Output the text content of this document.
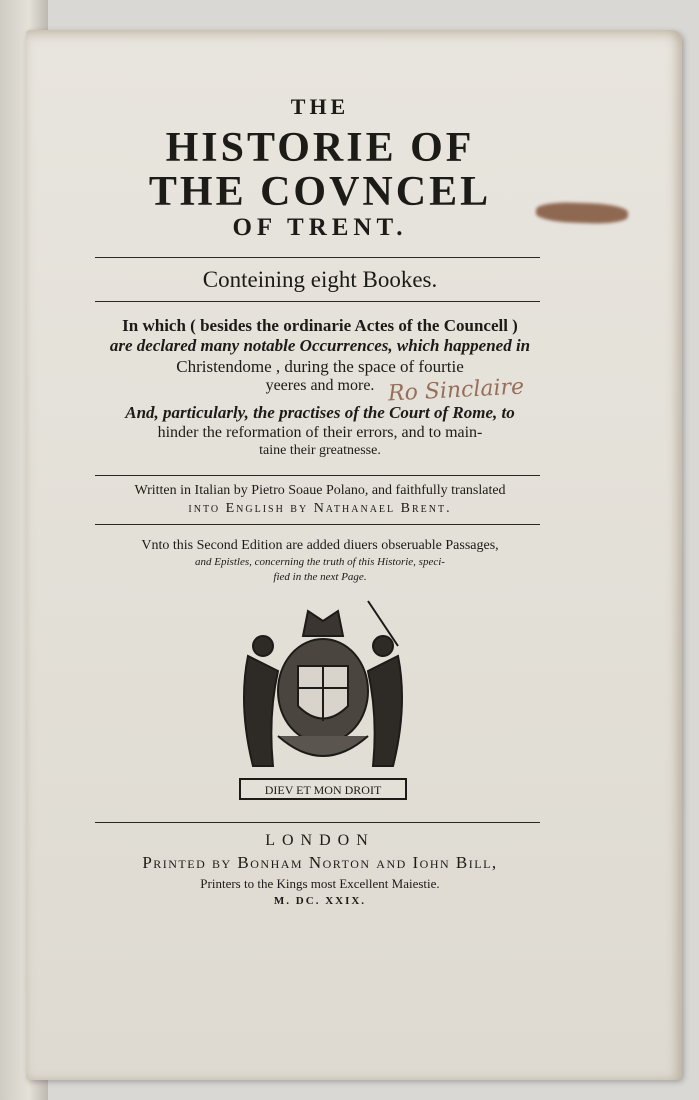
THE
HISTORIE OF
THE COVNCEL
OF TRENT.
Conteining eight Bookes.
In which ( besides the ordinarie Actes of the Councell )
are declared many notable Occurrences, which happened in
Christendome , during the space of fourtie
yeeres and more.
And, particularly, the practises of the Court of Rome, to
hinder the reformation of their errors, and to main-
taine their greatnesse.
Ro Sinclaire
Written in Italian by Pietro Soaue Polano, and faithfully translated
into English by Nathanael Brent.
Vnto this Second Edition are added diuers obseruable Passages,
and Epistles, concerning the truth of this Historie, speci-
fied in the next Page.
DIEV ET MON DROIT
LONDON
Printed by Bonham Norton and Iohn Bill,
Printers to the Kings most Excellent Maiestie.
M. DC. XXIX.
